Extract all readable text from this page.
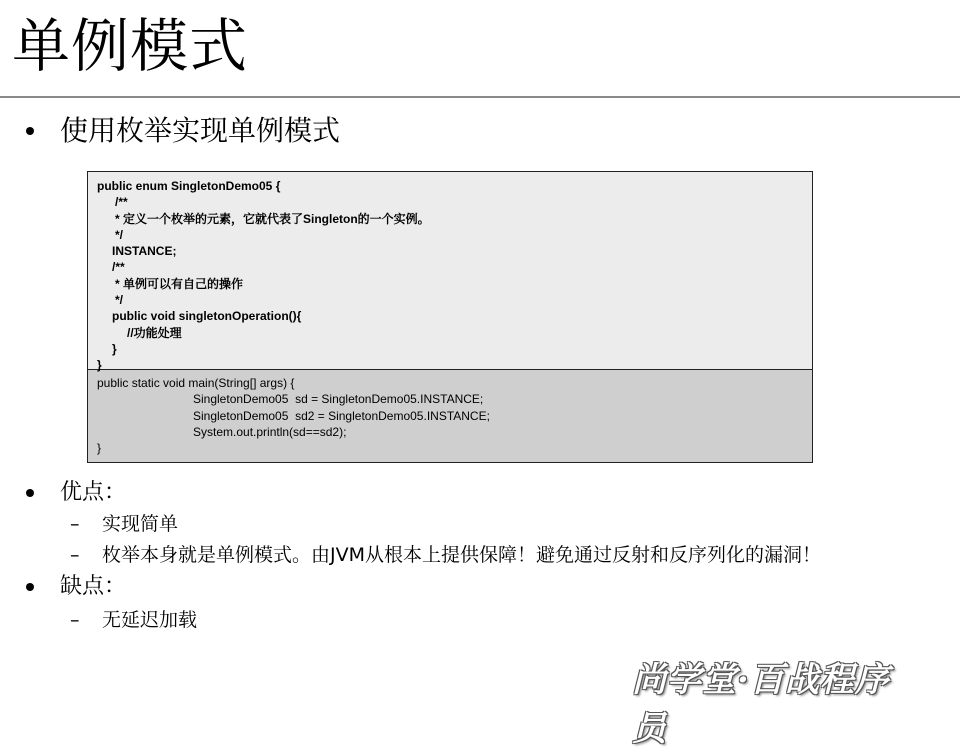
单例模式
使用枚举实现单例模式
public enum SingletonDemo05 {
/**
* 定义一个枚举的元素，它就代表了Singleton的一个实例。
*/
INSTANCE;
/**
* 单例可以有自己的操作
*/
public void singletonOperation(){
//功能处理
}
}
public static void main(String[] args) {
SingletonDemo05  sd = SingletonDemo05.INSTANCE;
SingletonDemo05  sd2 = SingletonDemo05.INSTANCE;
System.out.println(sd==sd2);
}
优点：
–	实现简单
–	枚举本身就是单例模式。由JVM从根本上提供保障！避免通过反射和反序列化的漏洞！
缺点：
–	无延迟加载
尚学堂·百战程序员
